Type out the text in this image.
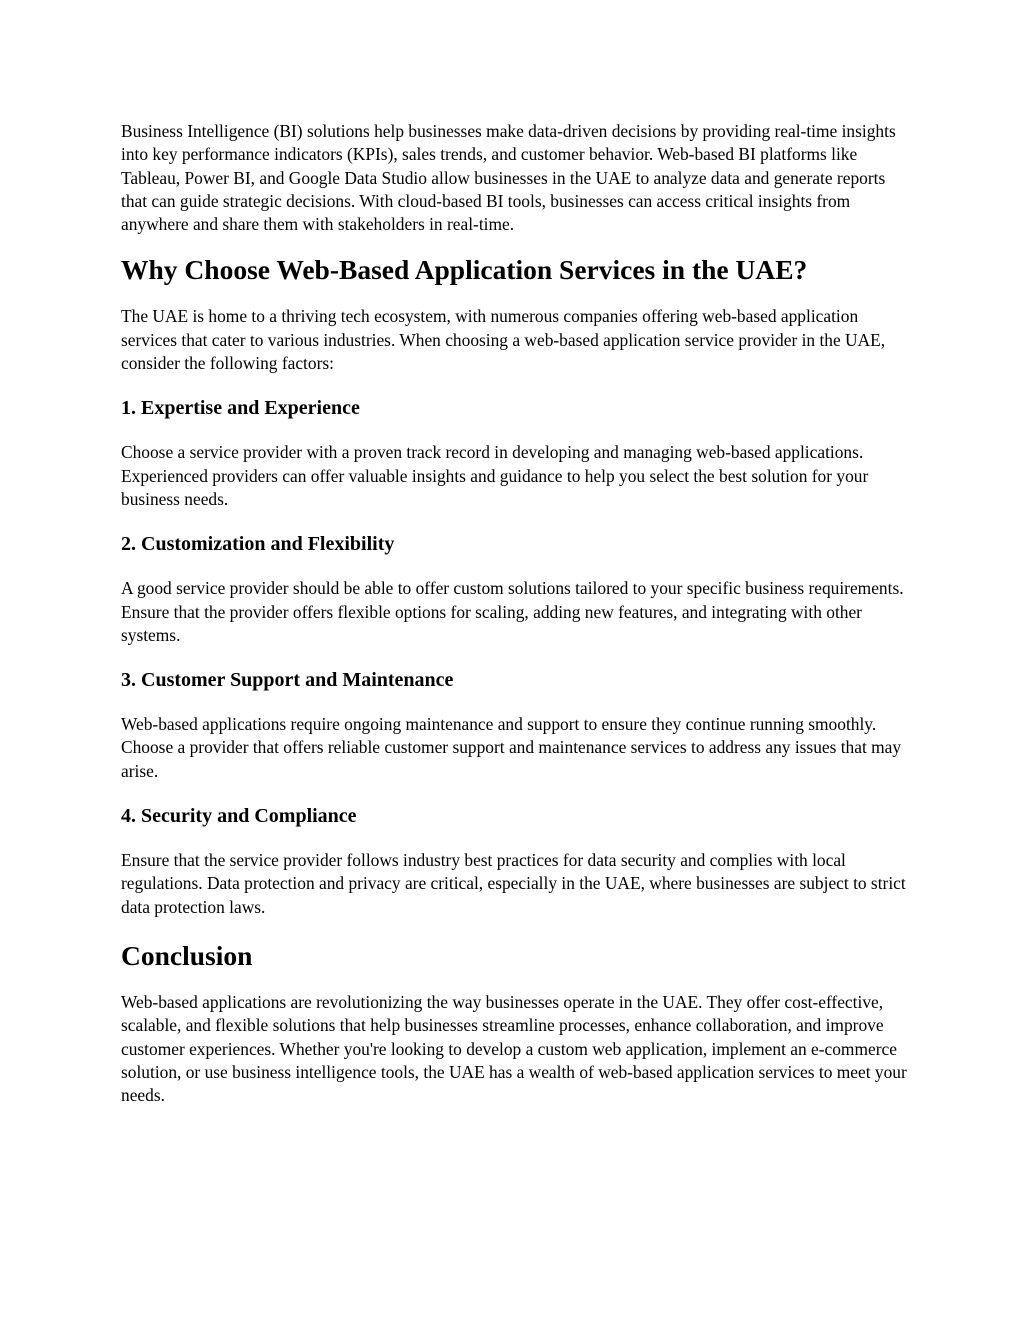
Business Intelligence (BI) solutions help businesses make data-driven decisions by providing real-time insights into key performance indicators (KPIs), sales trends, and customer behavior. Web-based BI platforms like Tableau, Power BI, and Google Data Studio allow businesses in the UAE to analyze data and generate reports that can guide strategic decisions. With cloud-based BI tools, businesses can access critical insights from anywhere and share them with stakeholders in real-time.

Why Choose Web-Based Application Services in the UAE?

The UAE is home to a thriving tech ecosystem, with numerous companies offering web-based application services that cater to various industries. When choosing a web-based application service provider in the UAE, consider the following factors:

1. Expertise and Experience

Choose a service provider with a proven track record in developing and managing web-based applications. Experienced providers can offer valuable insights and guidance to help you select the best solution for your business needs.

2. Customization and Flexibility

A good service provider should be able to offer custom solutions tailored to your specific business requirements. Ensure that the provider offers flexible options for scaling, adding new features, and integrating with other systems.

3. Customer Support and Maintenance

Web-based applications require ongoing maintenance and support to ensure they continue running smoothly. Choose a provider that offers reliable customer support and maintenance services to address any issues that may arise.

4. Security and Compliance

Ensure that the service provider follows industry best practices for data security and complies with local regulations. Data protection and privacy are critical, especially in the UAE, where businesses are subject to strict data protection laws.

Conclusion

Web-based applications are revolutionizing the way businesses operate in the UAE. They offer cost-effective, scalable, and flexible solutions that help businesses streamline processes, enhance collaboration, and improve customer experiences. Whether you're looking to develop a custom web application, implement an e-commerce solution, or use business intelligence tools, the UAE has a wealth of web-based application services to meet your needs.
